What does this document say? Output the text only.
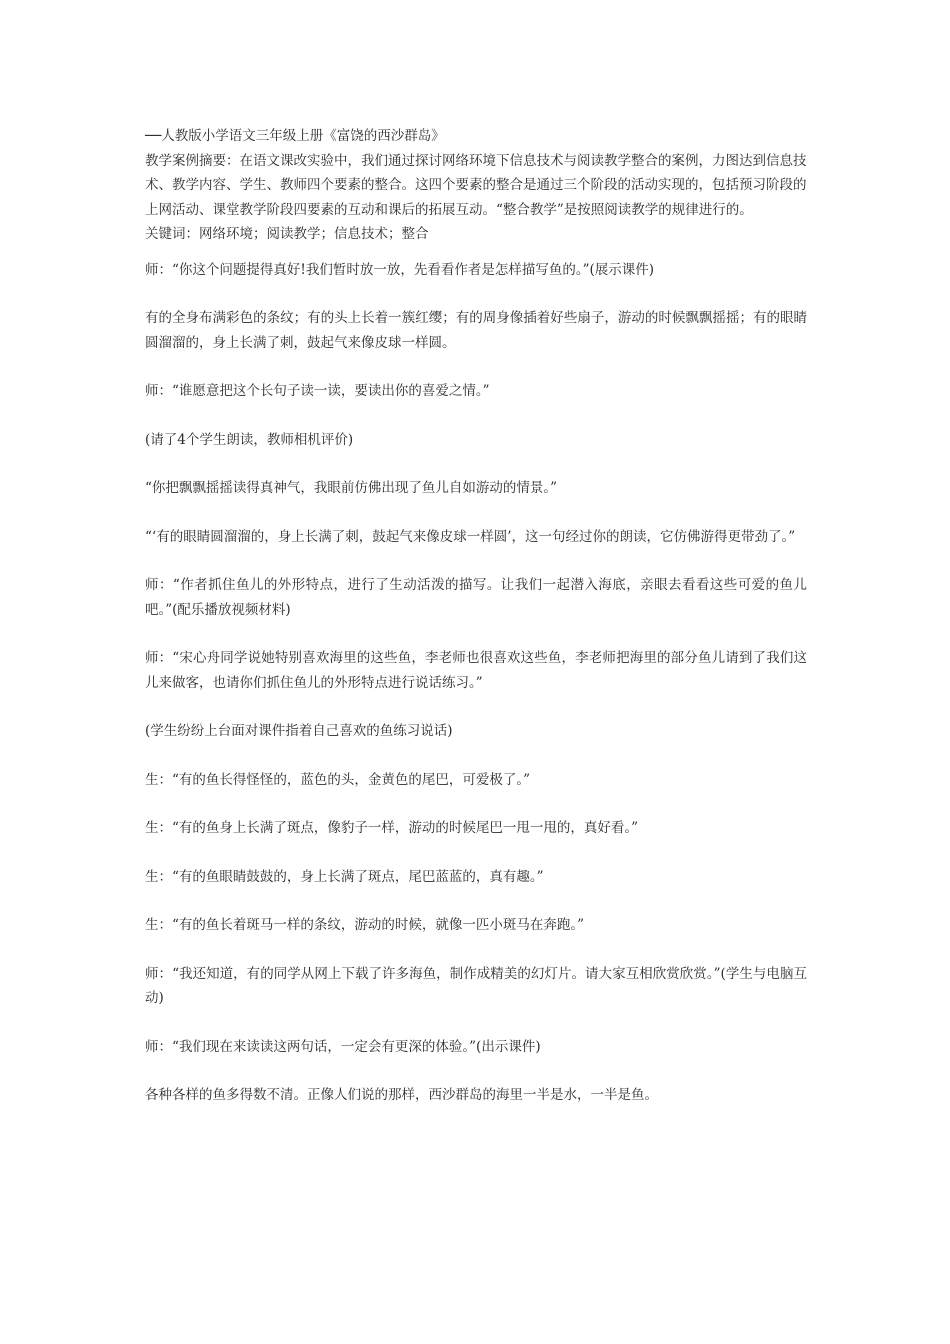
──人教版小学语文三年级上册《富饶的西沙群岛》

教学案例摘要：在语文课改实验中，我们通过探讨网络环境下信息技术与阅读教学整合的案例，力图达到信息技术、教学内容、学生、教师四个要素的整合。这四个要素的整合是通过三个阶段的活动实现的，包括预习阶段的上网活动、课堂教学阶段四要素的互动和课后的拓展互动。“整合教学”是按照阅读教学的规律进行的。

关键词：网络环境；阅读教学；信息技术；整合

师：“你这个问题提得真好!我们暂时放一放，先看看作者是怎样描写鱼的。”(展示课件)

有的全身布满彩色的条纹；有的头上长着一簇红缨；有的周身像插着好些扇子，游动的时候飘飘摇摇；有的眼睛圆溜溜的，身上长满了刺，鼓起气来像皮球一样圆。

师：“谁愿意把这个长句子读一读，要读出你的喜爱之情。”

(请了4个学生朗读，教师相机评价)

“你把飘飘摇摇读得真神气，我眼前仿佛出现了鱼儿自如游动的情景。”

“‘有的眼睛圆溜溜的，身上长满了刺，鼓起气来像皮球一样圆’，这一句经过你的朗读，它仿佛游得更带劲了。”

师：“作者抓住鱼儿的外形特点，进行了生动活泼的描写。让我们一起潜入海底，亲眼去看看这些可爱的鱼儿吧。”(配乐播放视频材料)

师：“宋心舟同学说她特别喜欢海里的这些鱼，李老师也很喜欢这些鱼，李老师把海里的部分鱼儿请到了我们这儿来做客，也请你们抓住鱼儿的外形特点进行说话练习。”

(学生纷纷上台面对课件指着自己喜欢的鱼练习说话)

生：“有的鱼长得怪怪的，蓝色的头，金黄色的尾巴，可爱极了。”

生：“有的鱼身上长满了斑点，像豹子一样，游动的时候尾巴一甩一甩的，真好看。”

生：“有的鱼眼睛鼓鼓的，身上长满了斑点，尾巴蓝蓝的，真有趣。”

生：“有的鱼长着斑马一样的条纹，游动的时候，就像一匹小斑马在奔跑。”

师：“我还知道，有的同学从网上下载了许多海鱼，制作成精美的幻灯片。请大家互相欣赏欣赏。”(学生与电脑互动)

师：“我们现在来读读这两句话，一定会有更深的体验。”(出示课件)

各种各样的鱼多得数不清。正像人们说的那样，西沙群岛的海里一半是水，一半是鱼。
